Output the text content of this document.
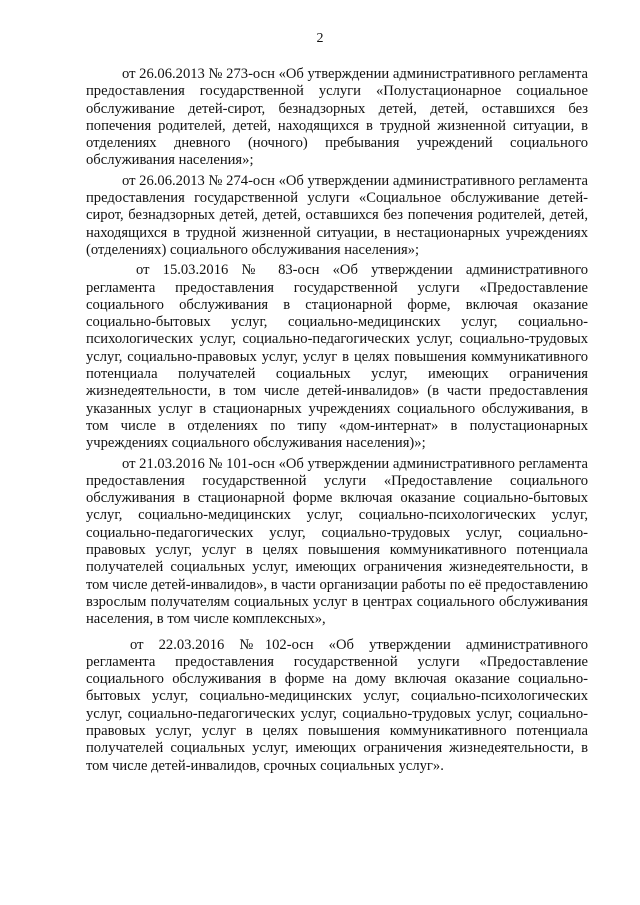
2

от 26.06.2013 № 273-осн «Об утверждении административного регламента предоставления государственной услуги «Полустационарное социальное обслуживание детей-сирот, безнадзорных детей, детей, оставшихся без попечения родителей, детей, находящихся в трудной жизненной ситуации, в отделениях дневного (ночного) пребывания учреждений социального обслуживания населения»;

от 26.06.2013 № 274-осн «Об утверждении административного регламента предоставления государственной услуги «Социальное обслуживание детей-сирот, безнадзорных детей, детей, оставшихся без попечения родителей, детей, находящихся в трудной жизненной ситуации, в нестационарных учреждениях (отделениях) социального обслуживания населения»;

от 15.03.2016 № 83-осн «Об утверждении административного регламента предоставления государственной услуги «Предоставление социального обслуживания в стационарной форме, включая оказание социально-бытовых услуг, социально-медицинских услуг, социально-психологических услуг, социально-педагогических услуг, социально-трудовых услуг, социально-правовых услуг, услуг в целях повышения коммуникативного потенциала получателей социальных услуг, имеющих ограничения жизнедеятельности, в том числе детей-инвалидов» (в части предоставления указанных услуг в стационарных учреждениях социального обслуживания, в том числе в отделениях по типу «дом-интернат» в полустационарных учреждениях социального обслуживания населения)»;

от 21.03.2016 № 101-осн «Об утверждении административного регламента предоставления государственной услуги «Предоставление социального обслуживания в стационарной форме включая оказание социально-бытовых услуг, социально-медицинских услуг, социально-психологических услуг, социально-педагогических услуг, социально-трудовых услуг, социально-правовых услуг, услуг в целях повышения коммуникативного потенциала получателей социальных услуг, имеющих ограничения жизнедеятельности, в том числе детей-инвалидов», в части организации работы по её предоставлению взрослым получателям социальных услуг в центрах социального обслуживания населения, в том числе комплексных»,

от 22.03.2016 №102-осн «Об утверждении административного регламента предоставления государственной услуги «Предоставление социального обслуживания в форме на дому включая оказание социально-бытовых услуг, социально-медицинских услуг, социально-психологических услуг, социально-педагогических услуг, социально-трудовых услуг, социально-правовых услуг, услуг в целях повышения коммуникативного потенциала получателей социальных услуг, имеющих ограничения жизнедеятельности, в том числе детей-инвалидов, срочных социальных услуг».
